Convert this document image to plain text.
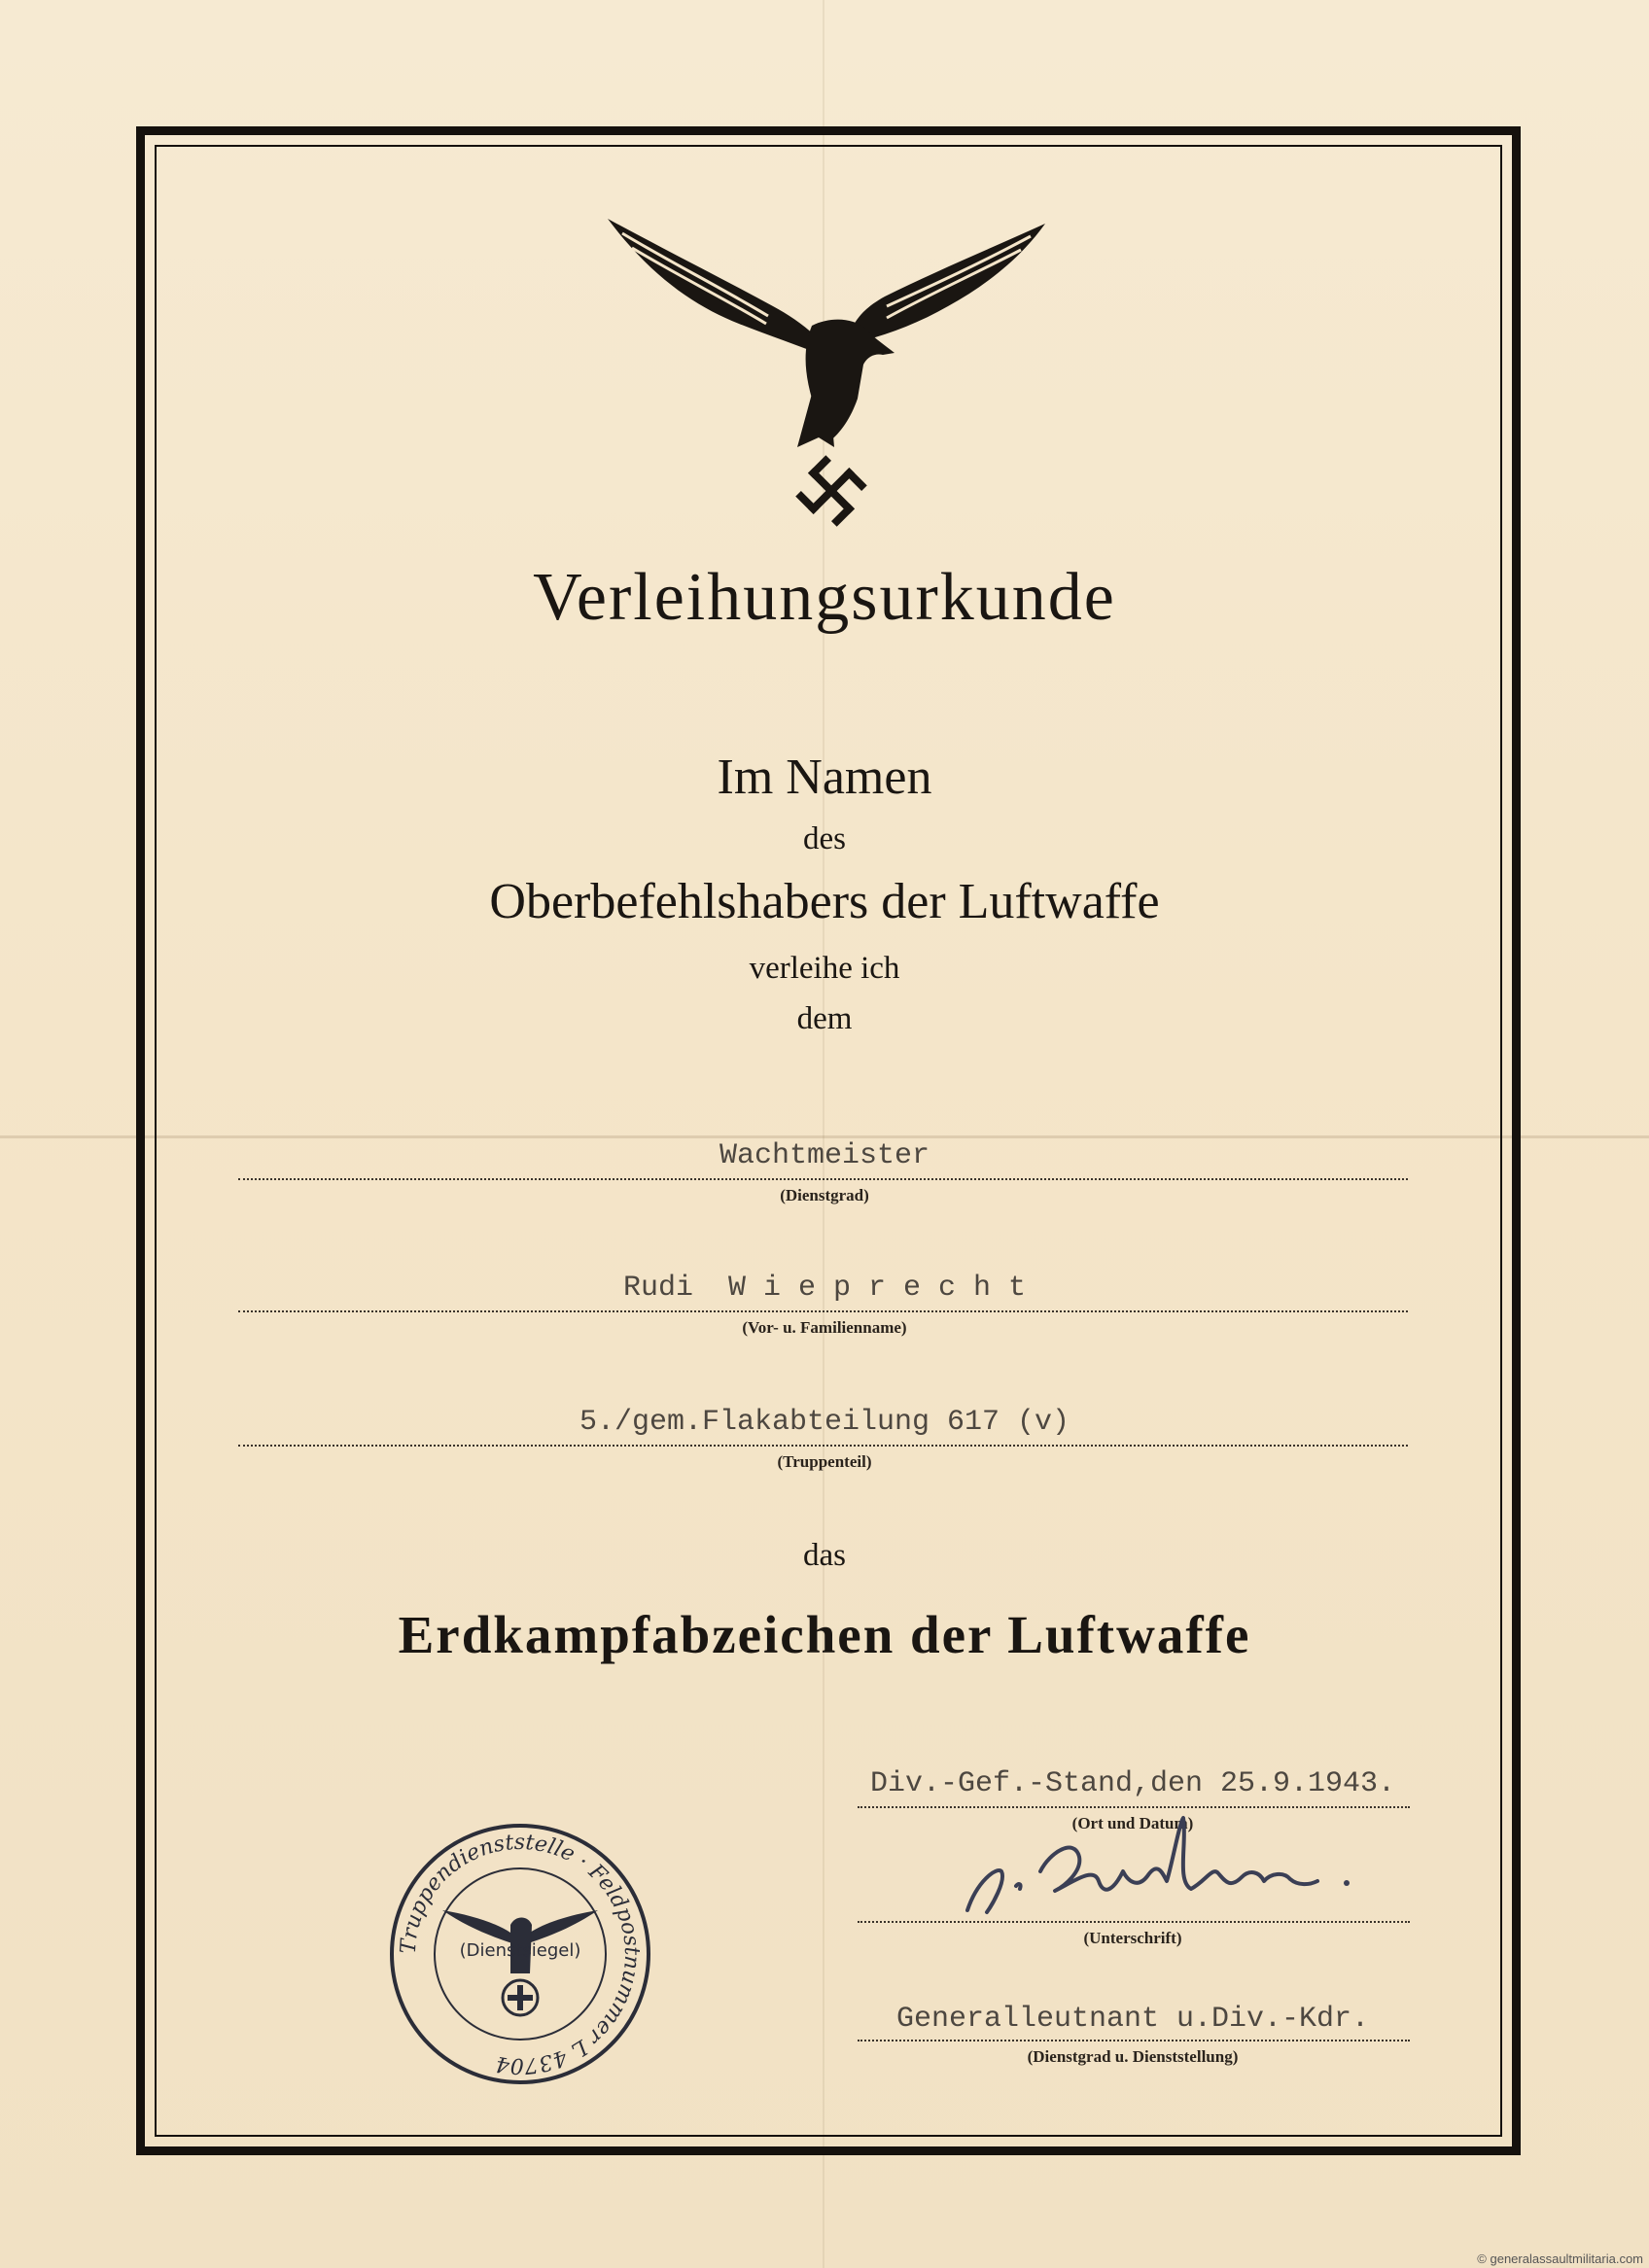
Verleihungsurkunde
Im Namen
des
Oberbefehlshabers der Luftwaffe
verleihe ich
dem
Wachtmeister
(Dienstgrad)
Rudi  W i e p r e c h t
(Vor- u. Familienname)
5./gem.Flakabteilung 617 (v)
(Truppenteil)
das
Erdkampfabzeichen der Luftwaffe
Div.-Gef.-Stand,den 25.9.1943.
(Ort und Datum)
(Unterschrift)
Generalleutnant u.Div.-Kdr.
(Dienstgrad u. Dienststellung)
Truppendienststelle · Feldpostnummer L 43704
(Dienstsiegel)
© generalassaultmilitaria.com
